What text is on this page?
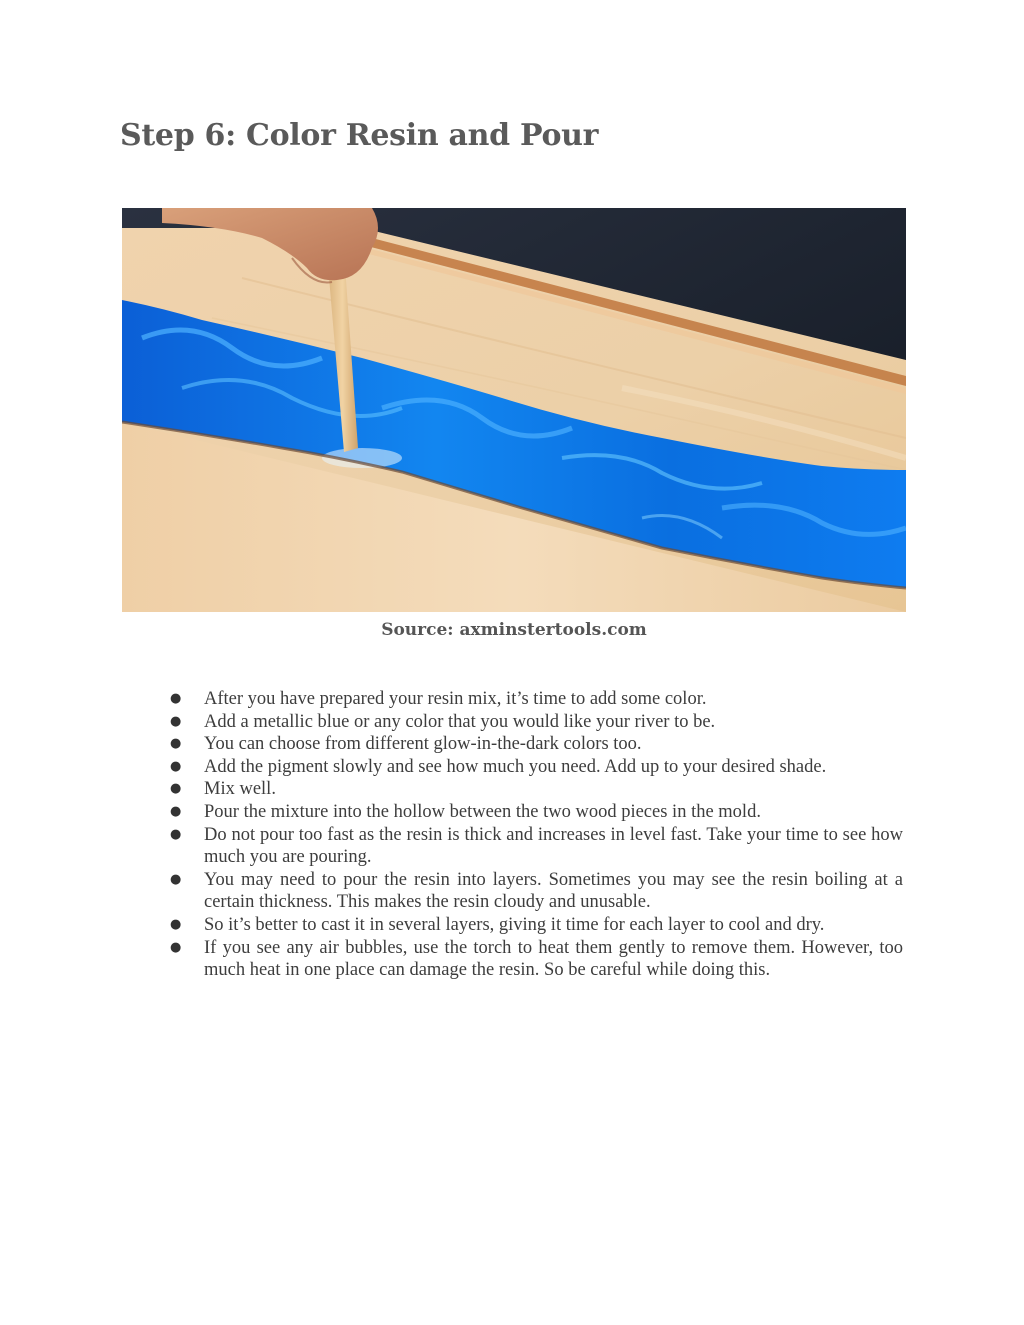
Step 6: Color Resin and Pour
Source: axminstertools.com
●	After you have prepared your resin mix, it’s time to add some color.
●	Add a metallic blue or any color that you would like your river to be.
●	You can choose from different glow-in-the-dark colors too.
●	Add the pigment slowly and see how much you need. Add up to your desired shade.
●	Mix well.
●	Pour the mixture into the hollow between the two wood pieces in the mold.
●	Do not pour too fast as the resin is thick and increases in level fast. Take your time to see how much you are pouring.
●	You may need to pour the resin into layers. Sometimes you may see the resin boiling at a certain thickness. This makes the resin cloudy and unusable.
●	So it’s better to cast it in several layers, giving it time for each layer to cool and dry.
●	If you see any air bubbles, use the torch to heat them gently to remove them. However, too much heat in one place can damage the resin. So be careful while doing this.
